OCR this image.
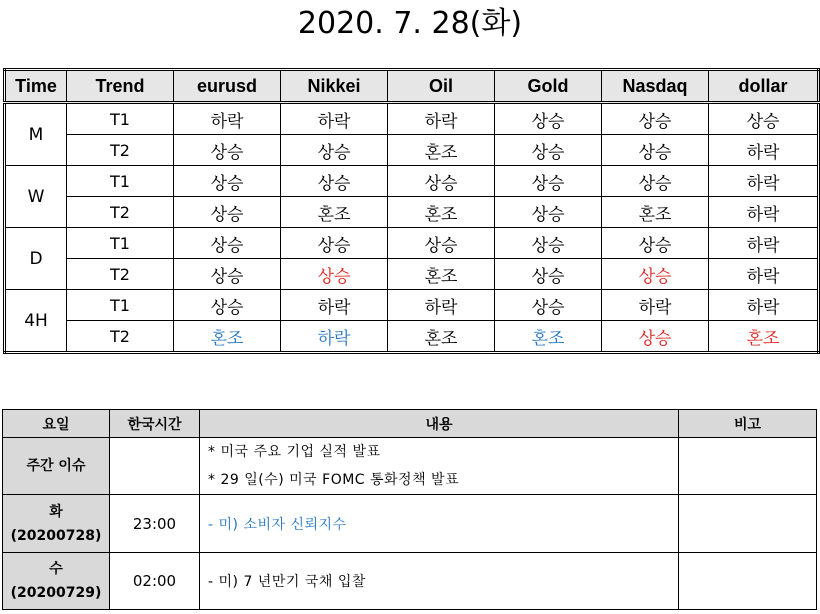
2020. 7. 28(화)
Time	Trend	eurusd	Nikkei	Oil	Gold	Nasdaq	dollar
M	T1	하락	하락	하락	상승	상승	상승
	T2	상승	상승	혼조	상승	상승	하락
W	T1	상승	상승	상승	상승	상승	하락
	T2	상승	혼조	혼조	상승	혼조	하락
D	T1	상승	상승	상승	상승	상승	하락
	T2	상승	상승	혼조	상승	상승	하락
4H	T1	상승	하락	하락	상승	하락	하락
	T2	혼조	하락	혼조	혼조	상승	혼조
요일	한국시간	내용	비고
주간 이슈		* 미국 주요 기업 실적 발표
* 29 일(수) 미국 FOMC 통화정책 발표	

화
(20200728)	23:00	- 미) 소비자 신뢰지수	

수
(20200729)	02:00	- 미) 7 년만기 국채 입찰	
